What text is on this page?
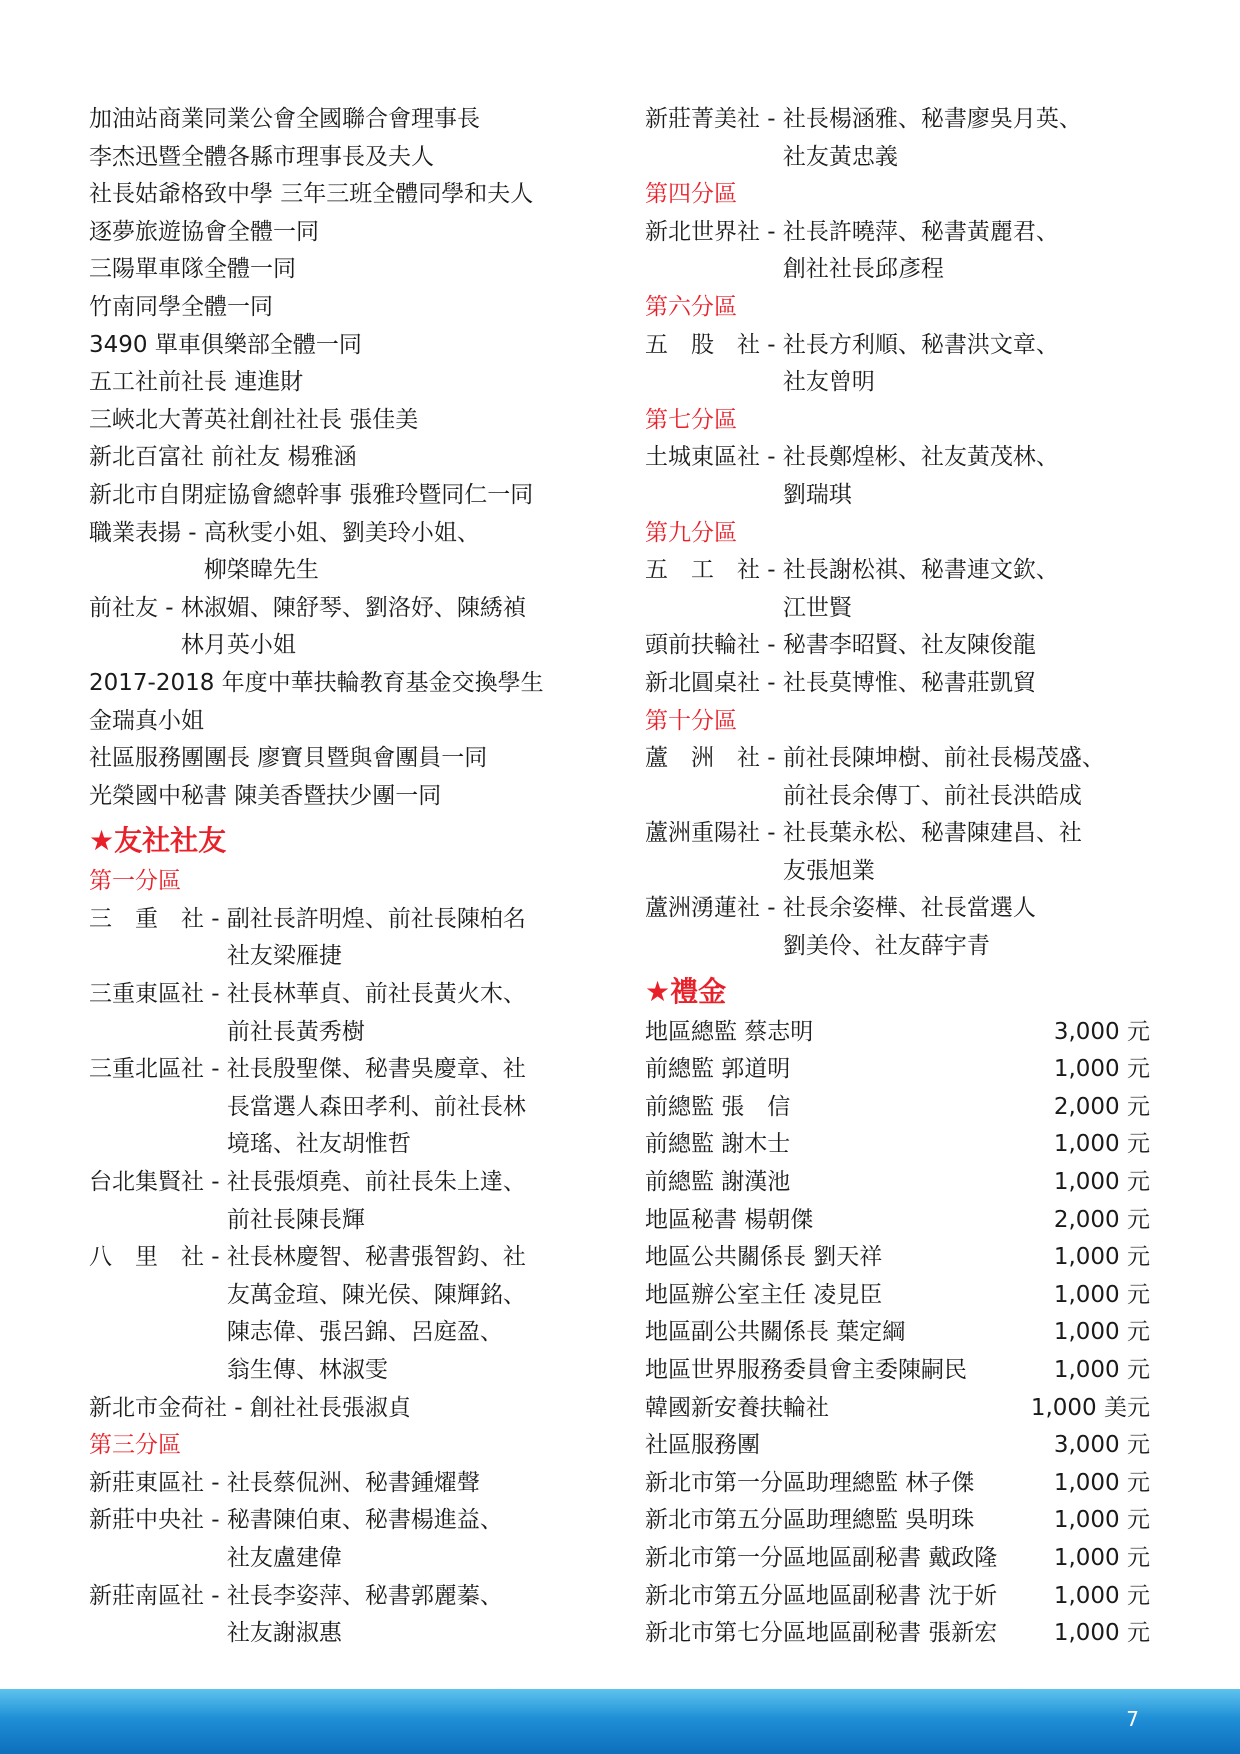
加油站商業同業公會全國聯合會理事長
李杰迅暨全體各縣市理事長及夫人
社長姑爺格致中學 三年三班全體同學和夫人
逐夢旅遊協會全體一同
三陽單車隊全體一同
竹南同學全體一同
3490 單車俱樂部全體一同
五工社前社長 連進財
三峽北大菁英社創社社長 張佳美
新北百富社 前社友 楊雅涵
新北市自閉症協會總幹事 張雅玲暨同仁一同
職業表揚 - 高秋雯小姐、劉美玲小姐、
柳棨暐先生
前社友 - 林淑媚、陳舒琴、劉洛妤、陳綉禎
林月英小姐
2017-2018 年度中華扶輪教育基金交換學生
金瑞真小姐
社區服務團團長 廖寶貝暨與會團員一同
光榮國中秘書 陳美香暨扶少團一同
★友社社友
第一分區
三　重　社 - 副社長許明煌、前社長陳柏名
社友梁雁捷
三重東區社 - 社長林華貞、前社長黃火木、
前社長黃秀樹
三重北區社 - 社長殷聖傑、秘書吳慶章、社
長當選人森田孝利、前社長林
境瑤、社友胡惟哲
台北集賢社 - 社長張煩堯、前社長朱上達、
前社長陳長輝
八　里　社 - 社長林慶智、秘書張智鈞、社
友萬金瑄、陳光侯、陳輝銘、
陳志偉、張呂錦、呂庭盈、
翁生傳、林淑雯
新北市金荷社 - 創社社長張淑貞
第三分區
新莊東區社 - 社長蔡侃洲、秘書鍾燿聲
新莊中央社 - 秘書陳伯東、秘書楊進益、
社友盧建偉
新莊南區社 - 社長李姿萍、秘書郭麗蓁、
社友謝淑惠
新莊菁美社 - 社長楊涵雅、秘書廖吳月英、
社友黃忠義
第四分區
新北世界社 - 社長許曉萍、秘書黃麗君、
創社社長邱彥程
第六分區
五　股　社 - 社長方利順、秘書洪文章、
社友曾明
第七分區
土城東區社 - 社長鄭煌彬、社友黃茂林、
劉瑞琪
第九分區
五　工　社 - 社長謝松祺、秘書連文欽、
江世賢
頭前扶輪社 - 秘書李昭賢、社友陳俊龍
新北圓桌社 - 社長莫博惟、秘書莊凱貿
第十分區
蘆　洲　社 - 前社長陳坤樹、前社長楊茂盛、
前社長余傳丁、前社長洪皓成
蘆洲重陽社 - 社長葉永松、秘書陳建昌、社
友張旭業
蘆洲湧蓮社 - 社長余姿樺、社長當選人
劉美伶、社友薛宇青
★禮金
地區總監 蔡志明	3,000 元
前總監 郭道明	1,000 元
前總監 張　信	2,000 元
前總監 謝木士	1,000 元
前總監 謝漢池	1,000 元
地區秘書 楊朝傑	2,000 元
地區公共關係長 劉天祥	1,000 元
地區辦公室主任 凌見臣	1,000 元
地區副公共關係長 葉定綱	1,000 元
地區世界服務委員會主委陳嗣民	1,000 元
韓國新安養扶輪社	1,000 美元
社區服務團	3,000 元
新北市第一分區助理總監 林子傑	1,000 元
新北市第五分區助理總監 吳明珠	1,000 元
新北市第一分區地區副秘書 戴政隆 1,000 元
新北市第五分區地區副秘書 沈于妡 1,000 元
新北市第七分區地區副秘書 張新宏 1,000 元
7
